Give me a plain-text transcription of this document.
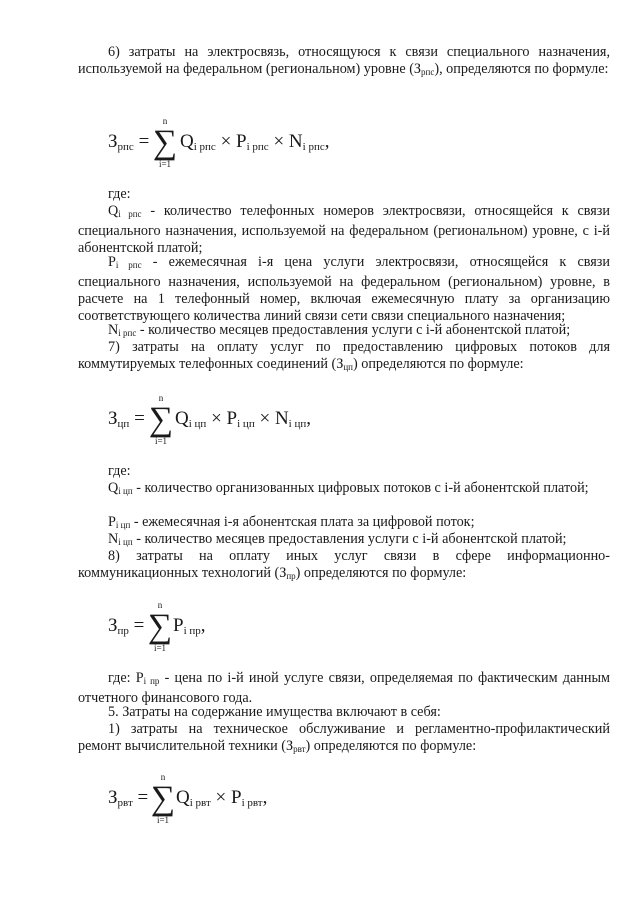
6) затраты на электросвязь, относящуюся к связи специального назначения, используемой на федеральном (региональном) уровне $(З_{рпс})$, определяются по формуле:

Зрпс =
n
∑
i=1
Qi рпс × Pi рпс × Ni рпс,

где:

$Q_{i рпс}$ - количество телефонных номеров электросвязи, относящейся к связи специального назначения, используемой на федеральном (региональном) уровне, с i-й абонентской платой;

$P_{i рпс}$ - ежемесячная i-я цена услуги электросвязи, относящейся к связи специального назначения, используемой на федеральном (региональном) уровне, в расчете на 1 телефонный номер, включая ежемесячную плату за организацию соответствующего количества линий связи сети связи специального назначения;

$N_{i рпс}$ - количество месяцев предоставления услуги с i-й абонентской платой;

7) затраты на оплату услуг по предоставлению цифровых потоков для коммутируемых телефонных соединений $(З_{цп})$ определяются по формуле:

Зцп =
n
∑
i=1
Qi цп × Pi цп × Ni цп,

где:

$Q_{i цп}$ - количество организованных цифровых потоков с i-й абонентской платой;

$P_{i цп}$ - ежемесячная i-я абонентская плата за цифровой поток;

$N_{i цп}$ - количество месяцев предоставления услуги с i-й абонентской платой;

8) затраты на оплату иных услуг связи в сфере информационно-коммуникационных технологий $(З_{пр})$ определяются по формуле:

Зпр =
n
∑
i=1
Pi пр,

где: $P_{i пр}$ - цена по i-й иной услуге связи, определяемая по фактическим данным отчетного финансового года.

5. Затраты на содержание имущества включают в себя:

1) затраты на техническое обслуживание и регламентно-профилактический ремонт вычислительной техники $(З_{рвт})$ определяются по формуле:

Зрвт =
n
∑
i=1
Qi рвт × Pi рвт,
